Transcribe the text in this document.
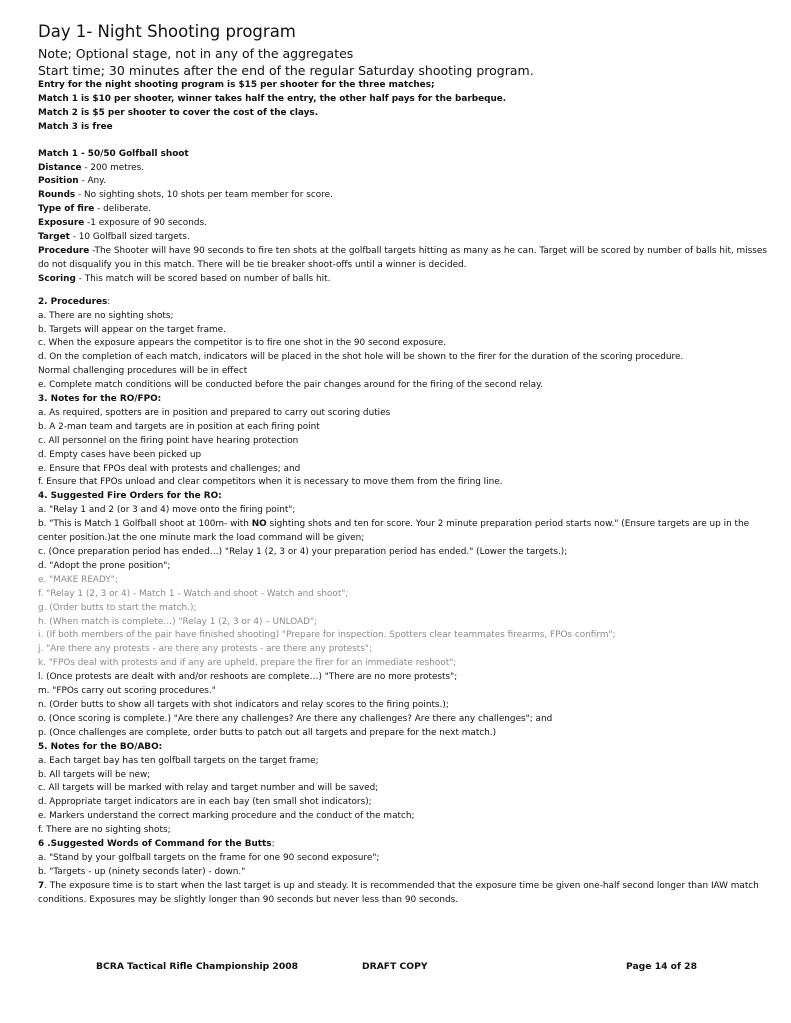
Day 1- Night Shooting program

Note; Optional stage, not in any of the aggregates

Start time; 30 minutes after the end of the regular Saturday shooting program.

Entry for the night shooting program is $15 per shooter for the three matches;

Match 1 is $10 per shooter, winner takes half the entry, the other half pays for the barbeque.

Match 2 is $5 per shooter to cover the cost of the clays.

Match 3 is free

Match 1 - 50/50 Golfball shoot

Distance - 200 metres.

Position - Any.

Rounds - No sighting shots, 10 shots per team member for score.

Type of fire - deliberate.

Exposure -1 exposure of 90 seconds.

Target - 10 Golfball sized targets.

Procedure -The Shooter will have 90 seconds to fire ten shots at the golfball targets hitting as many as he can. Target will be scored by number of balls hit, misses do not disqualify you in this match. There will be tie breaker shoot-offs until a winner is decided.

Scoring - This match will be scored based on number of balls hit.

2. Procedures:

a. There are no sighting shots;

b. Targets will appear on the target frame.

c. When the exposure appears the competitor is to fire one shot in the 90 second exposure.

d. On the completion of each match, indicators will be placed in the shot hole will be shown to the firer for the duration of the scoring procedure.

Normal challenging procedures will be in effect

e. Complete match conditions will be conducted before the pair changes around for the firing of the second relay.

3. Notes for the RO/FPO:

a. As required, spotters are in position and prepared to carry out scoring duties

b. A 2-man team and targets are in position at each firing point

c. All personnel on the firing point have hearing protection

d. Empty cases have been picked up

e. Ensure that FPOs deal with protests and challenges; and

f. Ensure that FPOs unload and clear competitors when it is necessary to move them from the firing line.

4. Suggested Fire Orders for the RO:

a. "Relay 1 and 2 (or 3 and 4) move onto the firing point";

b. "This is Match 1 Golfball shoot at 100m- with NO sighting shots and ten for score. Your 2 minute preparation period starts now." (Ensure targets are up in the center position.)at the one minute mark the load command will be given;

c. (Once preparation period has ended…) "Relay 1 (2, 3 or 4) your preparation period has ended." (Lower the targets.);

d. "Adopt the prone position";

e. "MAKE READY";

f. "Relay 1 (2, 3 or 4) - Match 1 - Watch and shoot - Watch and shoot";

g. (Order butts to start the match.);

h. (When match is complete…) "Relay 1 (2, 3 or 4) – UNLOAD";

i. (If both members of the pair have finished shooting) "Prepare for inspection. Spotters clear teammates firearms, FPOs confirm";

j. "Are there any protests - are there any protests - are there any protests";

k. "FPOs deal with protests and if any are upheld, prepare the firer for an immediate reshoot";

l. (Once protests are dealt with and/or reshoots are complete…) "There are no more protests";

m. "FPOs carry out scoring procedures."

n. (Order butts to show all targets with shot indicators and relay scores to the firing points.);

o. (Once scoring is complete.) "Are there any challenges? Are there any challenges? Are there any challenges"; and

p. (Once challenges are complete, order butts to patch out all targets and prepare for the next match.)

5. Notes for the BO/ABO:

a. Each target bay has ten golfball targets on the target frame;

b. All targets will be new;

c. All targets will be marked with relay and target number and will be saved;

d. Appropriate target indicators are in each bay (ten small shot indicators);

e. Markers understand the correct marking procedure and the conduct of the match;

f. There are no sighting shots;

6 .Suggested Words of Command for the Butts:

a. "Stand by your golfball targets on the frame for one 90 second exposure";

b. "Targets - up (ninety seconds later) - down."

7. The exposure time is to start when the last target is up and steady. It is recommended that the exposure time be given one-half second longer than IAW match conditions. Exposures may be slightly longer than 90 seconds but never less than 90 seconds.

BCRA Tactical Rifle Championship 2008	DRAFT COPY	Page 14 of 28
